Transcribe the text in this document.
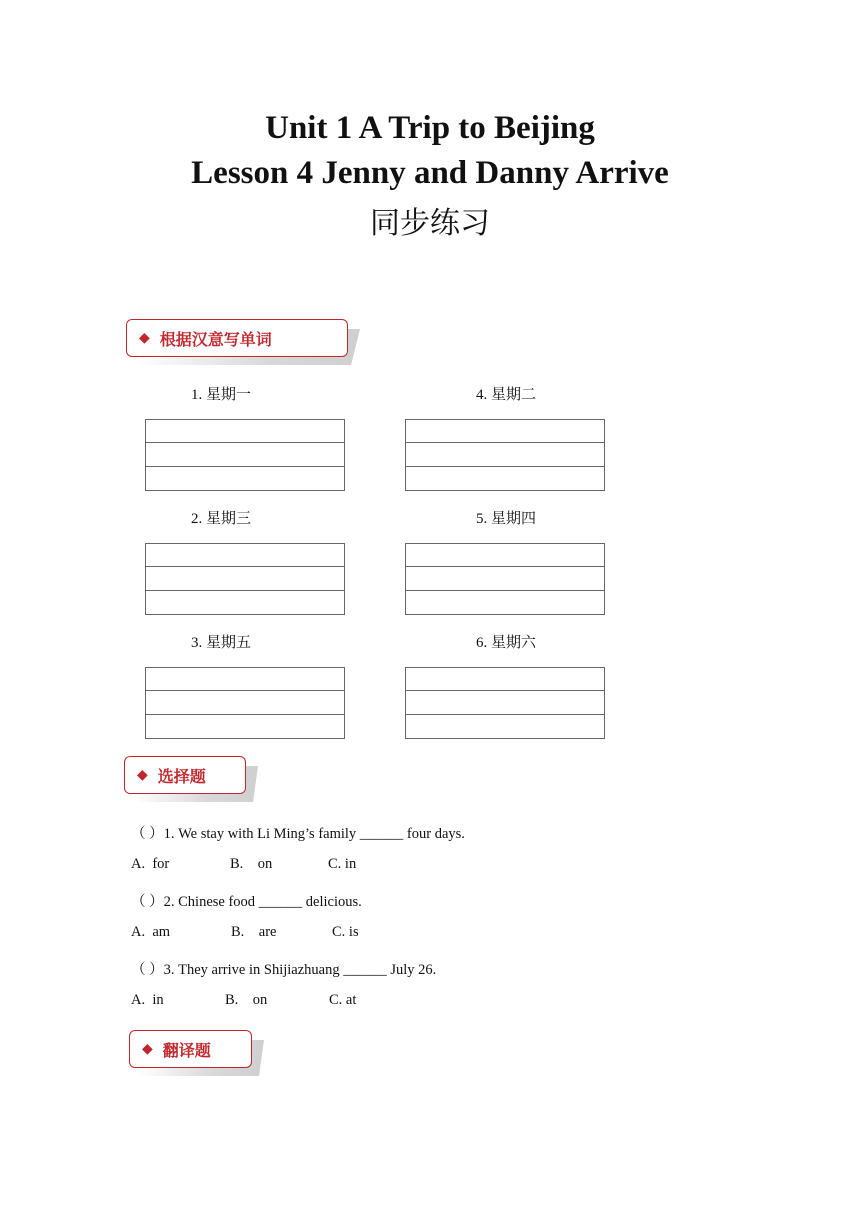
Unit 1 A Trip to Beijing
Lesson 4 Jenny and Danny Arrive
同步练习
◆ 根据汉意写单词
1. 星期一	4. 星期二
2. 星期三	5. 星期四
3. 星期五	6. 星期六
◆ 选择题
（ ）1. We stay with Li Ming’s family ______ four days.
A.  for	B.    on	C. in
（ ）2. Chinese food ______ delicious.
A.  am	B.    are	C. is
（ ）3. They arrive in Shijiazhuang ______ July 26.
A.  in	B.    on	C. at
◆ 翻译题
